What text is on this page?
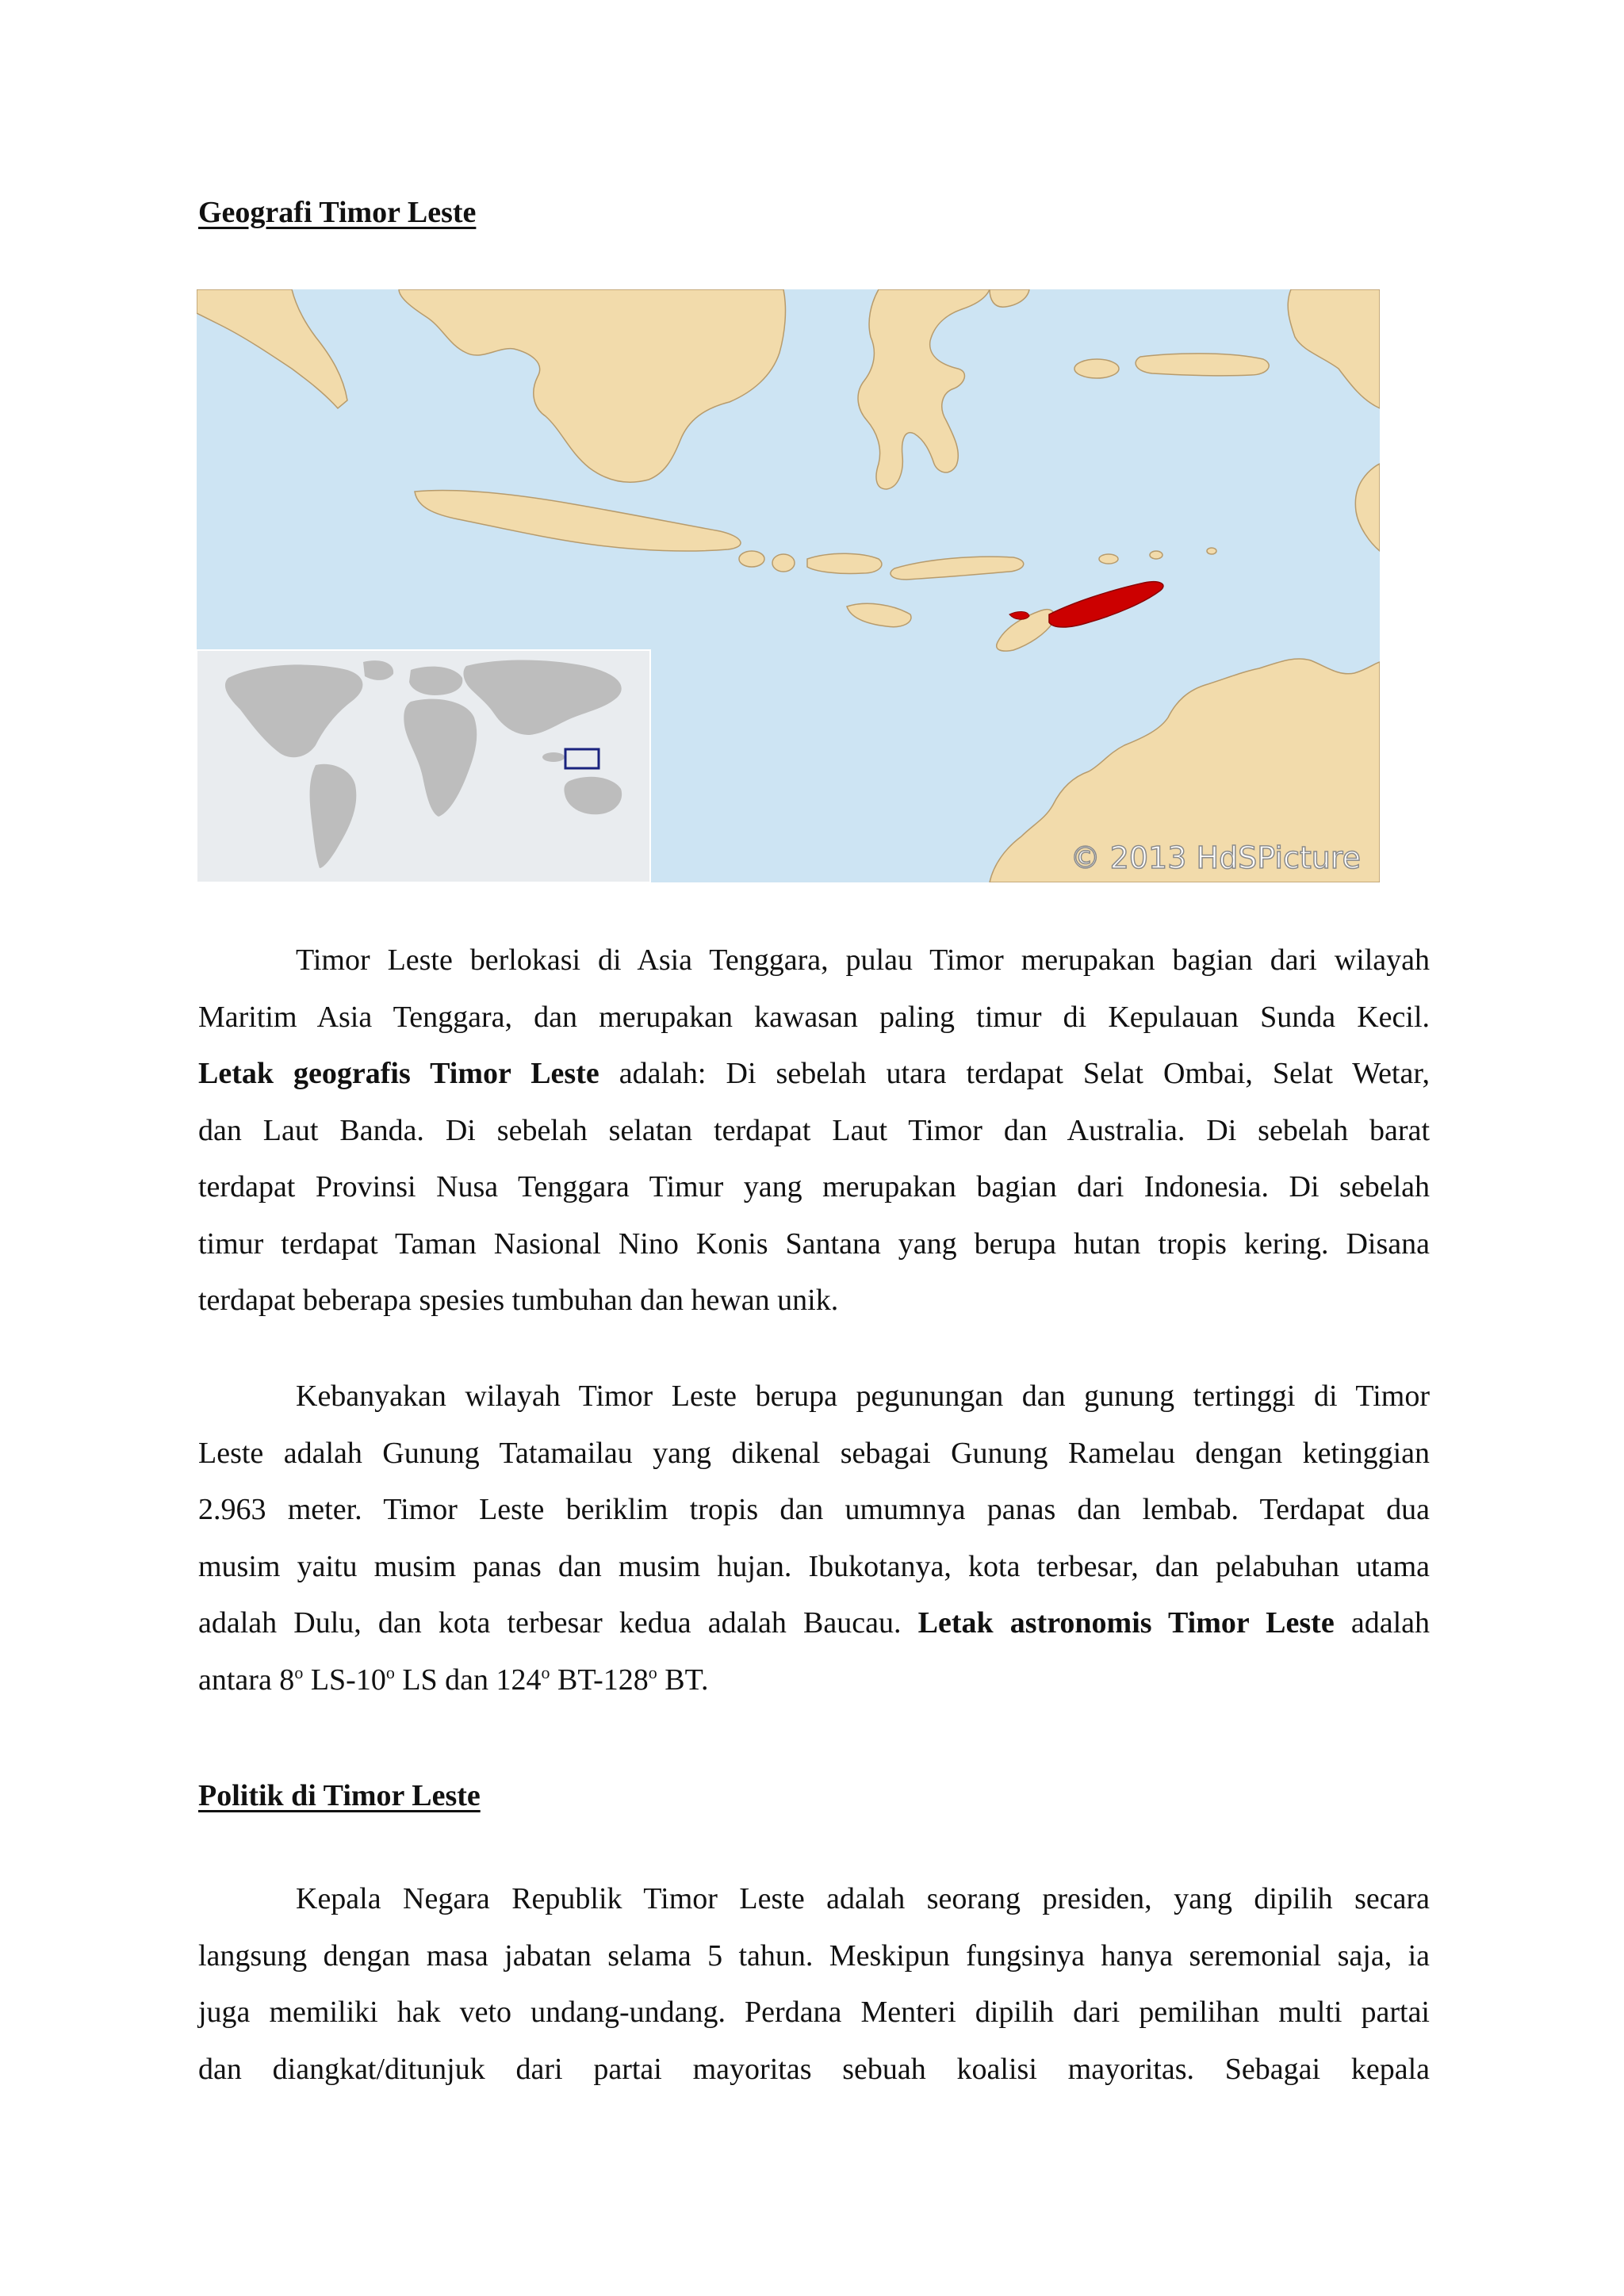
Geografi Timor Leste
© 2013 HdSPicture
Timor Leste berlokasi di Asia Tenggara, pulau Timor merupakan bagian dari wilayah
Maritim Asia Tenggara, dan merupakan kawasan paling timur di Kepulauan Sunda Kecil.
Letak geografis Timor Leste adalah: Di sebelah utara terdapat Selat Ombai, Selat Wetar,
dan Laut Banda. Di sebelah selatan terdapat Laut Timor dan Australia. Di sebelah barat
terdapat Provinsi Nusa Tenggara Timur yang merupakan bagian dari Indonesia. Di sebelah
timur terdapat Taman Nasional Nino Konis Santana yang berupa hutan tropis kering. Disana
terdapat beberapa spesies tumbuhan dan hewan unik.
Kebanyakan wilayah Timor Leste berupa pegunungan dan gunung tertinggi di Timor
Leste adalah Gunung Tatamailau yang dikenal sebagai Gunung Ramelau dengan ketinggian
2.963 meter. Timor Leste beriklim tropis dan umumnya panas dan lembab. Terdapat dua
musim yaitu musim panas dan musim hujan. Ibukotanya, kota terbesar, dan pelabuhan utama
adalah Dulu, dan kota terbesar kedua adalah Baucau. Letak astronomis Timor Leste adalah
antara 8$^o$ LS-10$^o$ LS dan 124$^o$ BT-128$^o$ BT.
Politik di Timor Leste
Kepala Negara Republik Timor Leste adalah seorang presiden, yang dipilih secara
langsung dengan masa jabatan selama 5 tahun. Meskipun fungsinya hanya seremonial saja, ia
juga memiliki hak veto undang-undang. Perdana Menteri dipilih dari pemilihan multi partai
dan diangkat/ditunjuk dari partai mayoritas sebuah koalisi mayoritas. Sebagai kepala
